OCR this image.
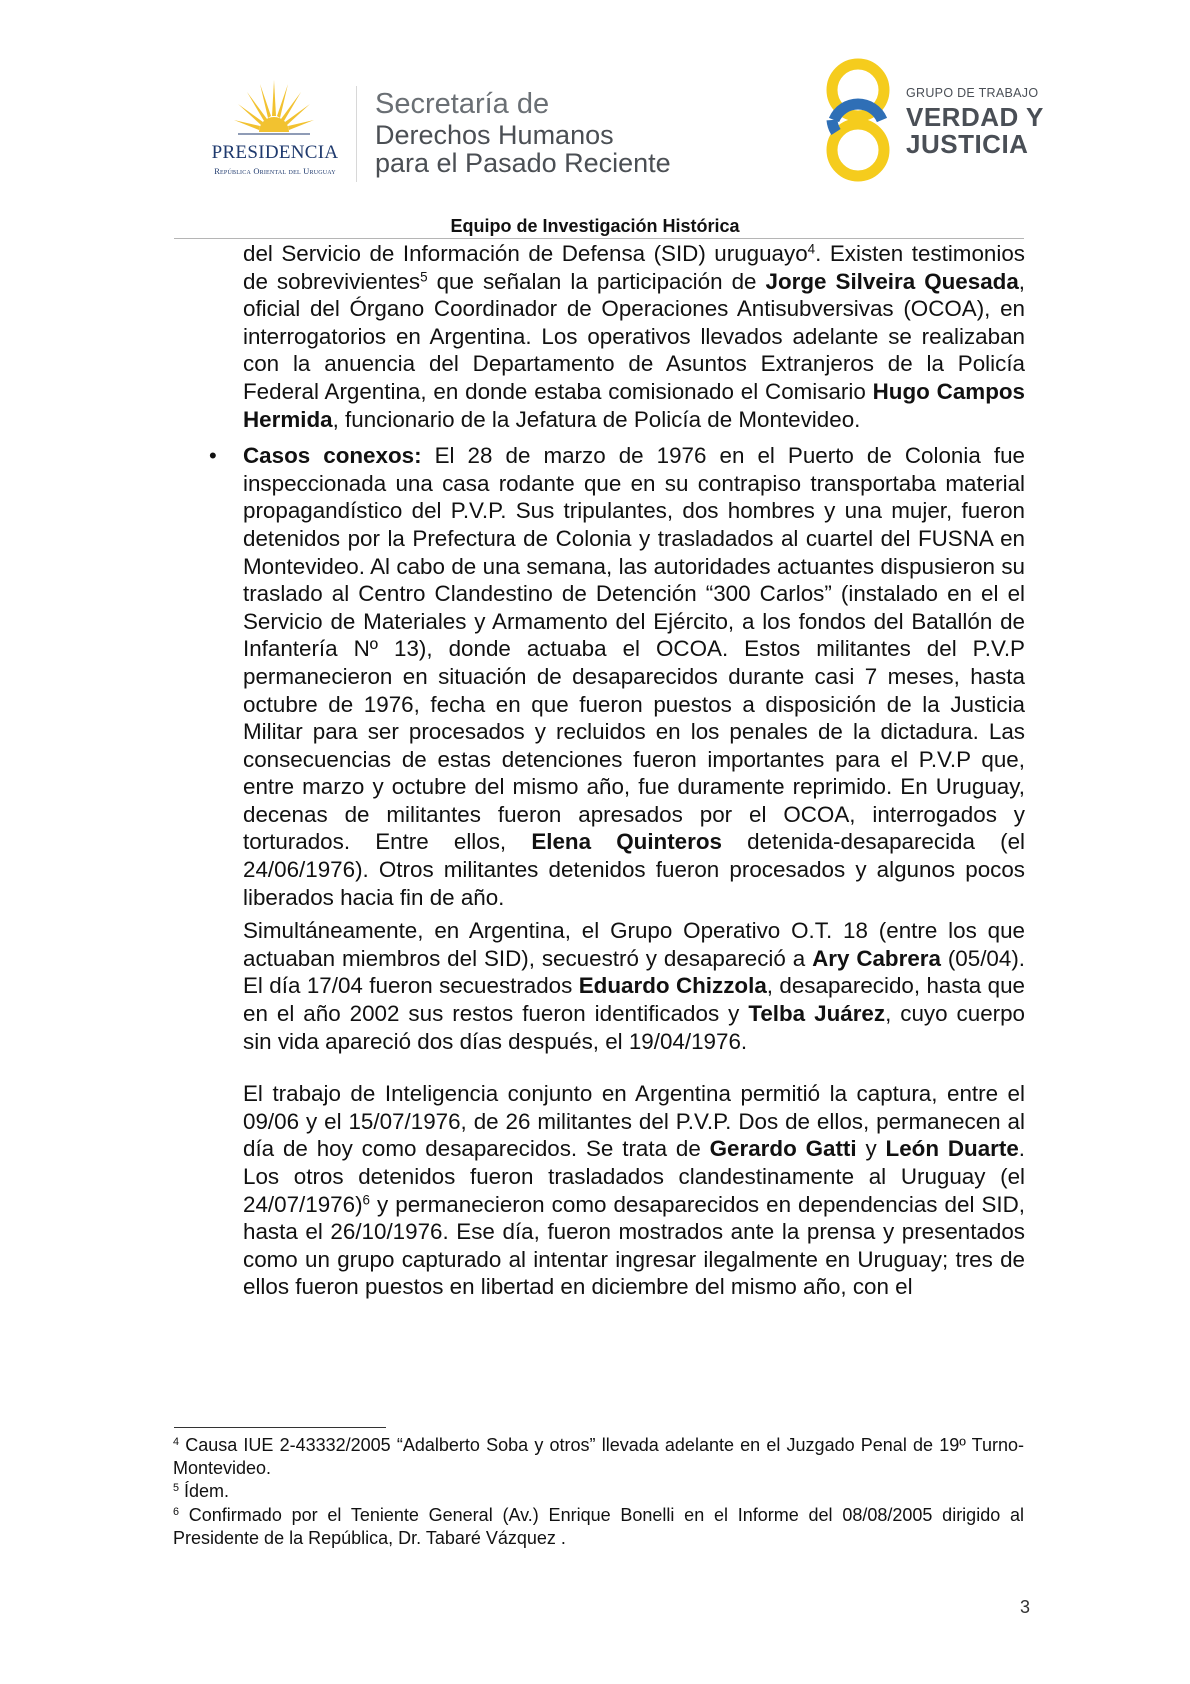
PRESIDENCIA
República Oriental del Uruguay
Secretaría de
Derechos Humanos
para el Pasado Reciente
GRUPO DE TRABAJO
VERDAD Y
JUSTICIA
Equipo de Investigación Histórica

del Servicio de Información de Defensa (SID) uruguayo$^4$. Existen testimonios de sobrevivientes$^5$ que señalan la participación de Jorge Silveira Quesada, oficial del Órgano Coordinador de Operaciones Antisubversivas (OCOA), en interrogatorios en Argentina. Los operativos llevados adelante se realizaban con la anuencia del Departamento de Asuntos Extranjeros de la Policía Federal Argentina, en donde estaba comisionado el Comisario Hugo Campos Hermida, funcionario de la Jefatura de Policía de Montevideo.

• Casos conexos: El 28 de marzo de 1976 en el Puerto de Colonia fue inspeccionada una casa rodante que en su contrapiso transportaba material propagandístico del P.V.P. Sus tripulantes, dos hombres y una mujer, fueron detenidos por la Prefectura de Colonia y trasladados al cuartel del FUSNA en Montevideo. Al cabo de una semana, las autoridades actuantes dispusieron su traslado al Centro Clandestino de Detención “300 Carlos” (instalado en el el Servicio de Materiales y Armamento del Ejército, a los fondos del Batallón de Infantería Nº 13), donde actuaba el OCOA. Estos militantes del P.V.P permanecieron en situación de desaparecidos durante casi 7 meses, hasta octubre de 1976, fecha en que fueron puestos a disposición de la Justicia Militar para ser procesados y recluidos en los penales de la dictadura. Las consecuencias de estas detenciones fueron importantes para el P.V.P que, entre marzo y octubre del mismo año, fue duramente reprimido. En Uruguay, decenas de militantes fueron apresados por el OCOA, interrogados y torturados. Entre ellos, Elena Quinteros detenida-desaparecida (el 24/06/1976). Otros militantes detenidos fueron procesados y algunos pocos liberados hacia fin de año.

Simultáneamente, en Argentina, el Grupo Operativo O.T. 18 (entre los que actuaban miembros del SID), secuestró y desapareció a Ary Cabrera (05/04). El día 17/04 fueron secuestrados Eduardo Chizzola, desaparecido, hasta que en el año 2002 sus restos fueron identificados y Telba Juárez, cuyo cuerpo sin vida apareció dos días después, el 19/04/1976.

El trabajo de Inteligencia conjunto en Argentina permitió la captura, entre el 09/06 y el 15/07/1976, de 26 militantes del P.V.P. Dos de ellos, permanecen al día de hoy como desaparecidos. Se trata de Gerardo Gatti y León Duarte. Los otros detenidos fueron trasladados clandestinamente al Uruguay (el 24/07/1976)$^6$ y permanecieron como desaparecidos en dependencias del SID, hasta el 26/10/1976. Ese día, fueron mostrados ante la prensa y presentados como un grupo capturado al intentar ingresar ilegalmente en Uruguay; tres de ellos fueron puestos en libertad en diciembre del mismo año, con el

$^4$ Causa IUE 2-43332/2005 “Adalberto Soba y otros” llevada adelante en el Juzgado Penal de 19º Turno-Montevideo.

$^5$ Ídem.

$^6$ Confirmado por el Teniente General (Av.) Enrique Bonelli en el Informe del 08/08/2005 dirigido al Presidente de la República, Dr. Tabaré Vázquez .

3
